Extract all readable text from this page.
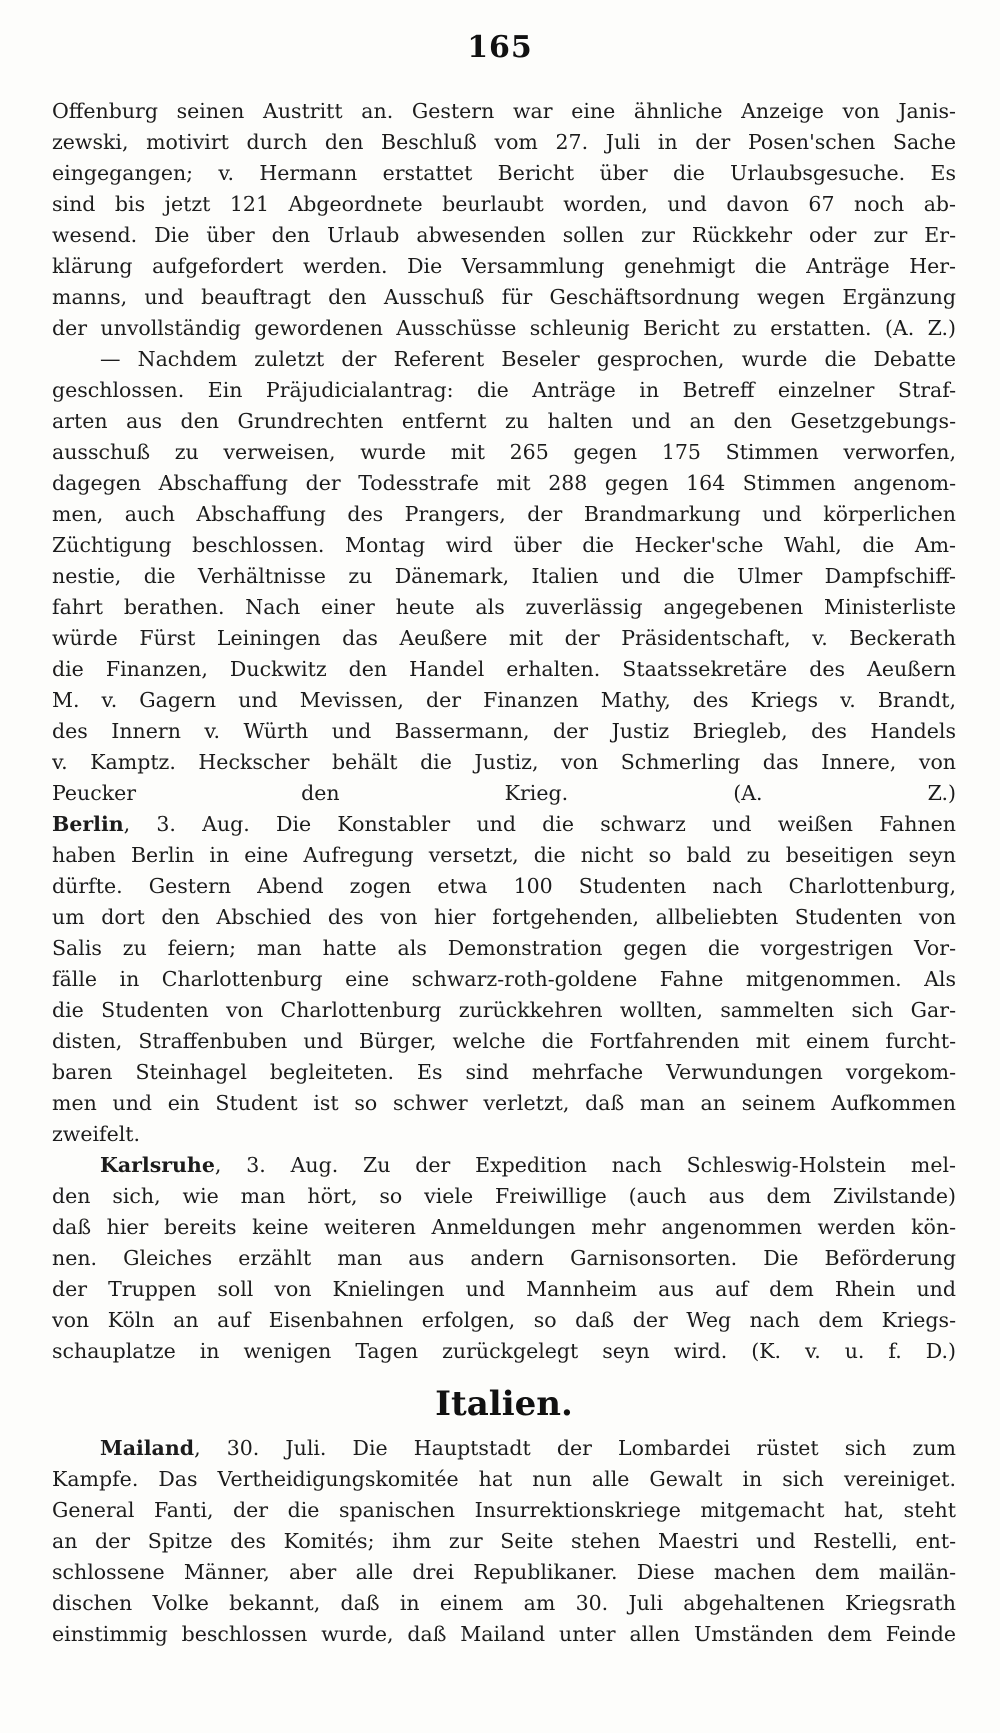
165
Offenburg seinen Austritt an. Gestern war eine ähnliche Anzeige von Janis-
zewski, motivirt durch den Beschluß vom 27. Juli in der Posen'schen Sache
eingegangen; v. Hermann erstattet Bericht über die Urlaubsgesuche. Es
sind bis jetzt 121 Abgeordnete beurlaubt worden, und davon 67 noch ab-
wesend. Die über den Urlaub abwesenden sollen zur Rückkehr oder zur Er-
klärung aufgefordert werden. Die Versammlung genehmigt die Anträge Her-
manns, und beauftragt den Ausschuß für Geschäftsordnung wegen Ergänzung
der unvollständig gewordenen Ausschüsse schleunig Bericht zu erstatten. (A. Z.)
— Nachdem zuletzt der Referent Beseler gesprochen, wurde die Debatte
geschlossen. Ein Präjudicialantrag: die Anträge in Betreff einzelner Straf-
arten aus den Grundrechten entfernt zu halten und an den Gesetzgebungs-
ausschuß zu verweisen, wurde mit 265 gegen 175 Stimmen verworfen,
dagegen Abschaffung der Todesstrafe mit 288 gegen 164 Stimmen angenom-
men, auch Abschaffung des Prangers, der Brandmarkung und körperlichen
Züchtigung beschlossen. Montag wird über die Hecker'sche Wahl, die Am-
nestie, die Verhältnisse zu Dänemark, Italien und die Ulmer Dampfschiff-
fahrt berathen. Nach einer heute als zuverlässig angegebenen Ministerliste
würde Fürst Leiningen das Aeußere mit der Präsidentschaft, v. Beckerath
die Finanzen, Duckwitz den Handel erhalten. Staatssekretäre des Aeußern
M. v. Gagern und Mevissen, der Finanzen Mathy, des Kriegs v. Brandt,
des Innern v. Würth und Bassermann, der Justiz Briegleb, des Handels
v. Kamptz. Heckscher behält die Justiz, von Schmerling das Innere, von
Peucker den Krieg. (A. Z.)
Berlin, 3. Aug. Die Konstabler und die schwarz und weißen Fahnen
haben Berlin in eine Aufregung versetzt, die nicht so bald zu beseitigen seyn
dürfte. Gestern Abend zogen etwa 100 Studenten nach Charlottenburg,
um dort den Abschied des von hier fortgehenden, allbeliebten Studenten von
Salis zu feiern; man hatte als Demonstration gegen die vorgestrigen Vor-
fälle in Charlottenburg eine schwarz-roth-goldene Fahne mitgenommen. Als
die Studenten von Charlottenburg zurückkehren wollten, sammelten sich Gar-
disten, Straffenbuben und Bürger, welche die Fortfahrenden mit einem furcht-
baren Steinhagel begleiteten. Es sind mehrfache Verwundungen vorgekom-
men und ein Student ist so schwer verletzt, daß man an seinem Aufkommen
zweifelt.
Karlsruhe, 3. Aug. Zu der Expedition nach Schleswig-Holstein mel-
den sich, wie man hört, so viele Freiwillige (auch aus dem Zivilstande)
daß hier bereits keine weiteren Anmeldungen mehr angenommen werden kön-
nen. Gleiches erzählt man aus andern Garnisonsorten. Die Beförderung
der Truppen soll von Knielingen und Mannheim aus auf dem Rhein und
von Köln an auf Eisenbahnen erfolgen, so daß der Weg nach dem Kriegs-
schauplatze in wenigen Tagen zurückgelegt seyn wird. (K. v. u. f. D.)
Italien.
Mailand, 30. Juli. Die Hauptstadt der Lombardei rüstet sich zum
Kampfe. Das Vertheidigungskomitée hat nun alle Gewalt in sich vereiniget.
General Fanti, der die spanischen Insurrektionskriege mitgemacht hat, steht
an der Spitze des Komités; ihm zur Seite stehen Maestri und Restelli, ent-
schlossene Männer, aber alle drei Republikaner. Diese machen dem mailän-
dischen Volke bekannt, daß in einem am 30. Juli abgehaltenen Kriegsrath
einstimmig beschlossen wurde, daß Mailand unter allen Umständen dem Feinde
